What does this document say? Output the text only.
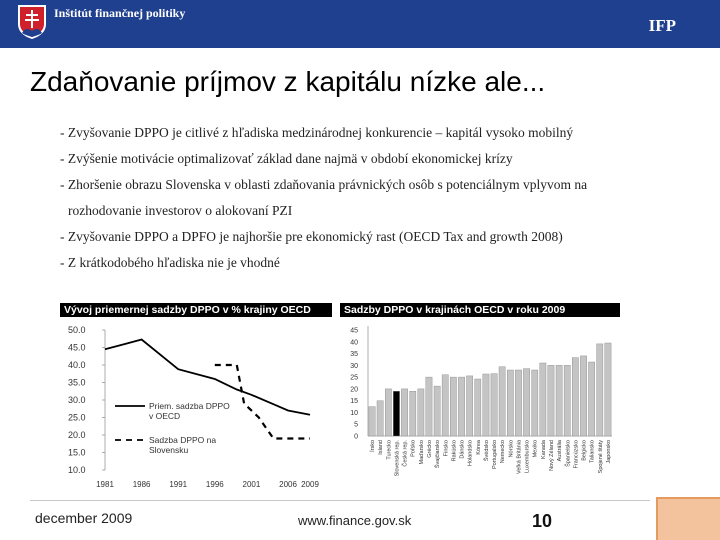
Inštitút finančnej politiky
IFP
Zdaňovanie príjmov z kapitálu nízke ale...
- Zvyšovanie DPPO je citlivé z hľadiska medzinárodnej konkurencie – kapitál vysoko mobilný
- Zvýšenie motivácie optimalizovať základ dane najmä v období ekonomickej krízy
- Zhoršenie obrazu Slovenska v oblasti zdaňovania právnických osôb s potenciálnym vplyvom na
rozhodovanie investorov o alokovaní PZI
- Zvyšovanie DPPO a DPFO je najhoršie pre ekonomický rast (OECD Tax and growth 2008)
- Z krátkodobého hľadiska nie je vhodné
Vývoj priemernej sadzby DPPO v % krajiny OECD	Sadzby DPPO v krajinách OECD v roku 2009
50.0
45.0
40.0
35.0
30.0
25.0
20.0
15.0
10.0
1981 1986 1991 1996 2001 2006 2009
Priem. sadzba DPPO v OECD
Sadzba DPPO na Slovensku
45
40
35
30
25
20
15
10
5
0
Írsko Island Turecko Slovenská rep. Česká rep. Poľsko Maďarsko Grécko Švajčiarsko Fínsko Rakúsko Dánsko Holandsko Kórea Švédsko Portugalsko Nemecko Nórsko Veľká Británia Luxembursko Mexiko Kanada Nový Zéland Austrália Španielsko Francúzsko Belgicko Taliansko Spojené štáty Japonsko
december 2009	www.finance.gov.sk	10
